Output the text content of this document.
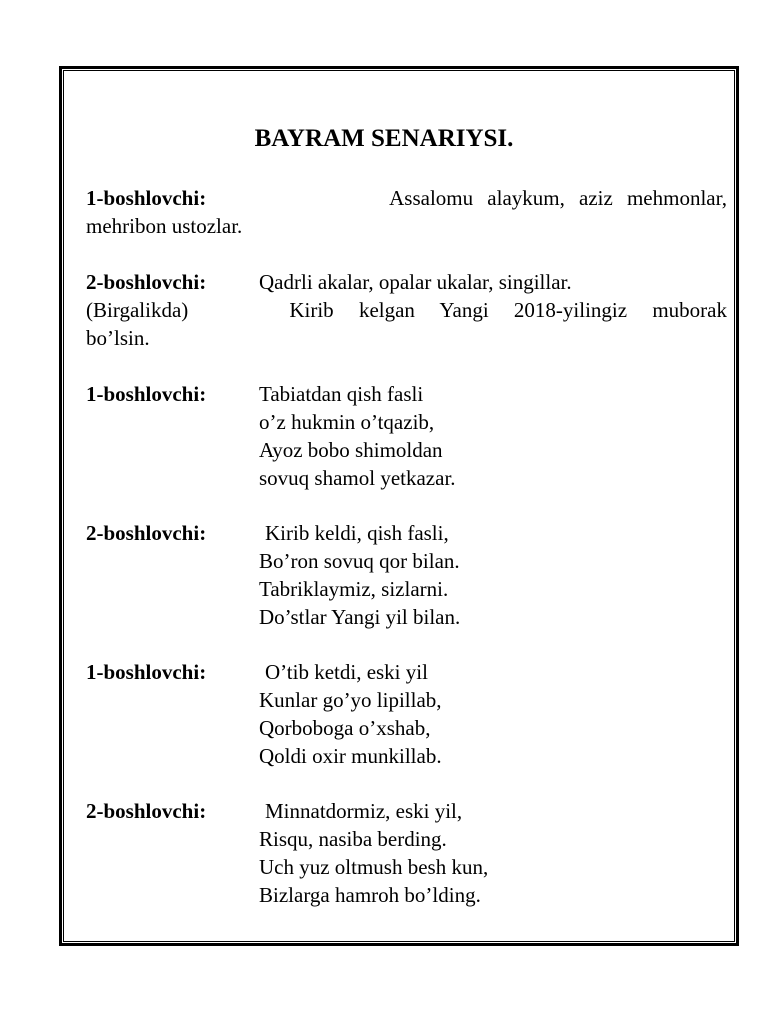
BAYRAM SENARIYSI.
1-boshlovchi:	Assalomu alaykum, aziz mehmonlar,
mehribon ustozlar.
2-boshlovchi:	Qadrli akalar, opalar ukalar, singillar.
(Birgalikda)	Kirib kelgan Yangi 2018-yilingiz muborak
bo’lsin.
1-boshlovchi:	Tabiatdan qish fasli
o’z hukmin o’tqazib,
Ayoz bobo shimoldan
sovuq shamol yetkazar.
2-boshlovchi:	Kirib keldi, qish fasli,
Bo’ron sovuq qor bilan.
Tabriklaymiz, sizlarni.
Do’stlar Yangi yil bilan.
1-boshlovchi:	O’tib ketdi, eski yil
Kunlar go’yo lipillab,
Qorboboga o’xshab,
Qoldi oxir munkillab.
2-boshlovchi:	Minnatdormiz, eski yil,
Risqu, nasiba berding.
Uch yuz oltmush besh kun,
Bizlarga hamroh bo’lding.
